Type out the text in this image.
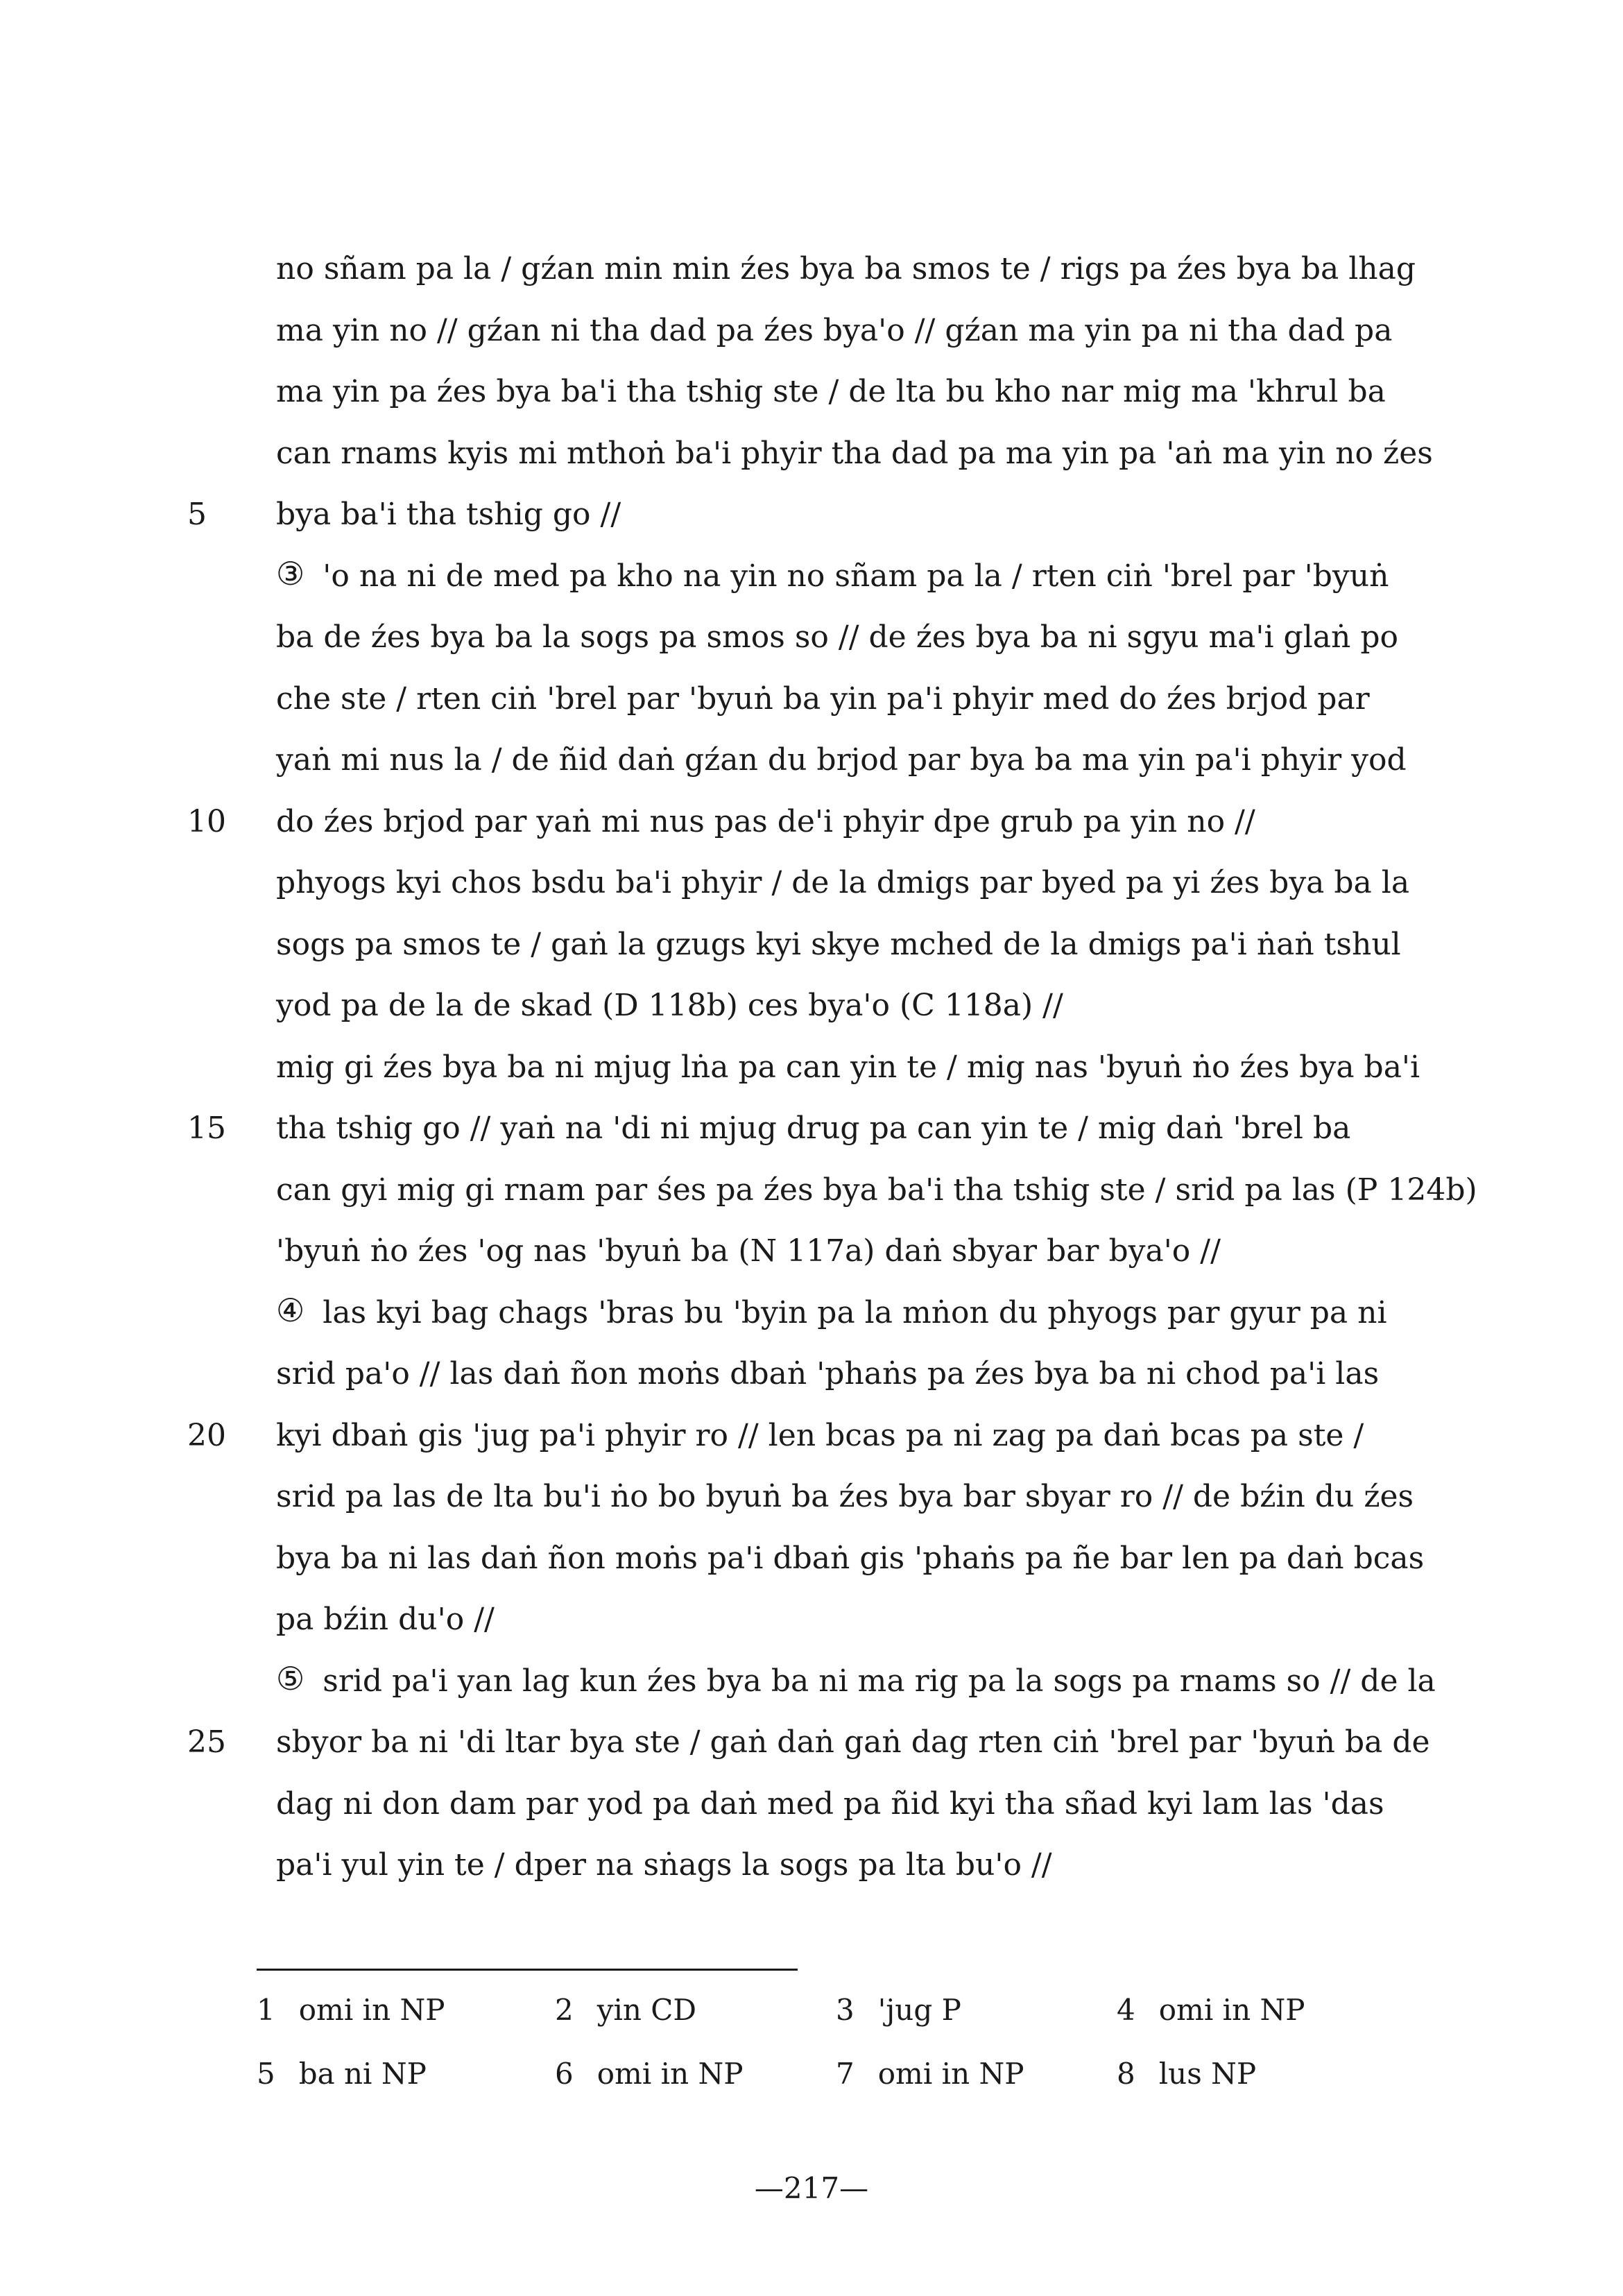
no sñam pa la / gźan min min źes bya ba smos te / rigs pa źes bya ba lhag
ma yin no // gźan ni tha dad pa źes bya'o // gźan ma yin pa ni tha dad pa
ma yin pa źes bya ba'i tha tshig ste / de lta bu kho nar mig ma 'khrul ba
can rnams kyis mi mthoṅ ba'i phyir tha dad pa ma yin pa 'aṅ ma yin no źes
5	bya ba'i tha tshig go //
③ 'o na ni de med pa kho na yin no sñam pa la / rten ciṅ 'brel par 'byuṅ
ba de źes bya ba la sogs pa smos so // de źes bya ba ni sgyu ma'i glaṅ po
che ste / rten ciṅ 'brel par 'byuṅ ba yin pa'i phyir med do źes brjod par
yaṅ mi nus la / de ñid daṅ gźan du brjod par bya ba ma yin pa'i phyir yod
10	do źes brjod par yaṅ mi nus pas de'i phyir dpe grub pa yin no //
phyogs kyi chos bsdu ba'i phyir / de la dmigs par byed pa yi źes bya ba la
sogs pa smos te / gaṅ la gzugs kyi skye mched de la dmigs pa'i ṅaṅ tshul
yod pa de la de skad (D 118b) ces bya'o (C 118a) //
mig gi źes bya ba ni mjug lṅa pa can yin te / mig nas 'byuṅ ṅo źes bya ba'i
15	tha tshig go // yaṅ na 'di ni mjug drug pa can yin te / mig daṅ 'brel ba
can gyi mig gi rnam par śes pa źes bya ba'i tha tshig ste / srid pa las (P 124b)
'byuṅ ṅo źes 'og nas 'byuṅ ba (N 117a) daṅ sbyar bar bya'o //
④ las kyi bag chags 'bras bu 'byin pa la mṅon du phyogs par gyur pa ni
srid pa'o // las daṅ ñon moṅs dbaṅ 'phaṅs pa źes bya ba ni chod pa'i las
20	kyi dbaṅ gis 'jug pa'i phyir ro // len bcas pa ni zag pa daṅ bcas pa ste /
srid pa las de lta bu'i ṅo bo byuṅ ba źes bya bar sbyar ro // de bźin du źes
bya ba ni las daṅ ñon moṅs pa'i dbaṅ gis 'phaṅs pa ñe bar len pa daṅ bcas
pa bźin du'o //
⑤ srid pa'i yan lag kun źes bya ba ni ma rig pa la sogs pa rnams so // de la
25	sbyor ba ni 'di ltar bya ste / gaṅ daṅ gaṅ dag rten ciṅ 'brel par 'byuṅ ba de
dag ni don dam par yod pa daṅ med pa ñid kyi tha sñad kyi lam las 'das
pa'i yul yin te / dper na sṅags la sogs pa lta bu'o //
1 omi in NP	2 yin CD	3 'jug P	4 omi in NP
5 ba ni NP	6 omi in NP	7 omi in NP	8 lus NP
—217—
